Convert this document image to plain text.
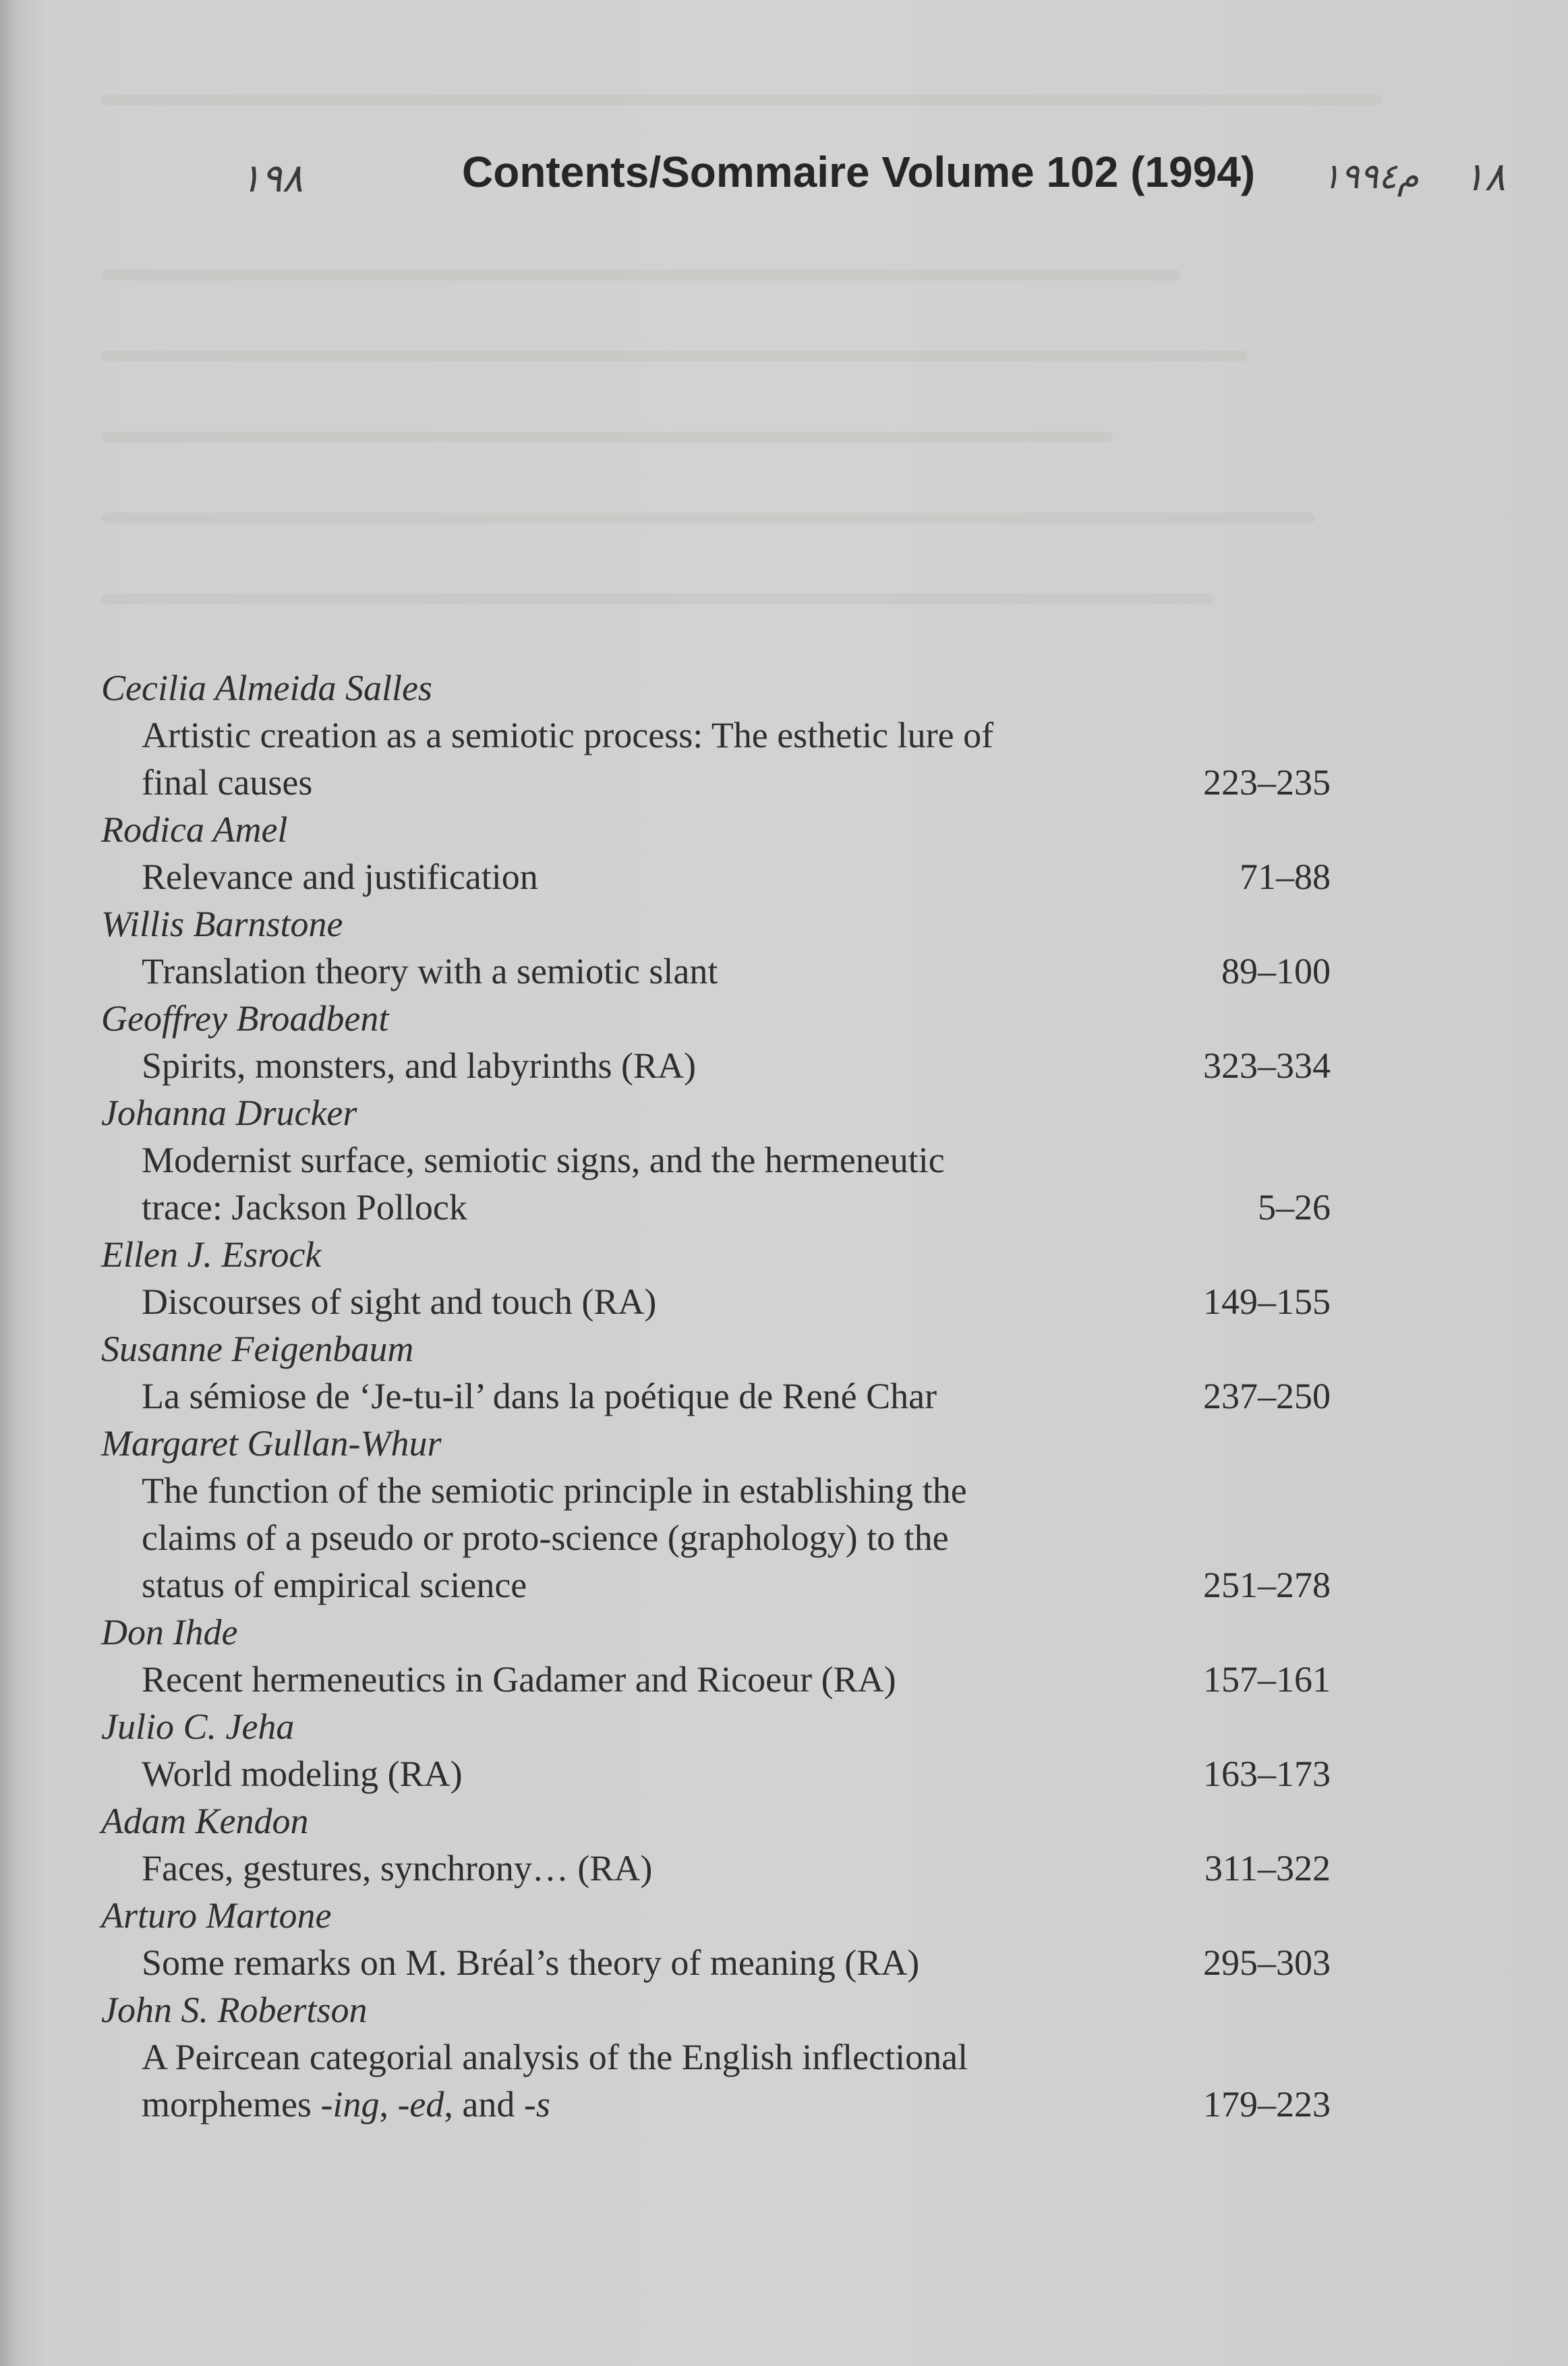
١٩٨	Contents/Sommaire Volume 102 (1994) م١٩٩٤ ١٨
Cecilia Almeida Salles
Artistic creation as a semiotic process: The esthetic lure of
final causes	223–235
Rodica Amel
Relevance and justification	71–88
Willis Barnstone
Translation theory with a semiotic slant	89–100
Geoffrey Broadbent
Spirits, monsters, and labyrinths (RA)	323–334
Johanna Drucker
Modernist surface, semiotic signs, and the hermeneutic
trace: Jackson Pollock	5–26
Ellen J. Esrock
Discourses of sight and touch (RA)	149–155
Susanne Feigenbaum
La sémiose de ‘Je-tu-il’ dans la poétique de René Char	237–250
Margaret Gullan-Whur
The function of the semiotic principle in establishing the
claims of a pseudo or proto-science (graphology) to the
status of empirical science	251–278
Don Ihde
Recent hermeneutics in Gadamer and Ricoeur (RA)	157–161
Julio C. Jeha
World modeling (RA)	163–173
Adam Kendon
Faces, gestures, synchrony… (RA)	311–322
Arturo Martone
Some remarks on M. Bréal’s theory of meaning (RA)	295–303
John S. Robertson
A Peircean categorial analysis of the English inflectional
morphemes -ing, -ed, and -s	179–223
